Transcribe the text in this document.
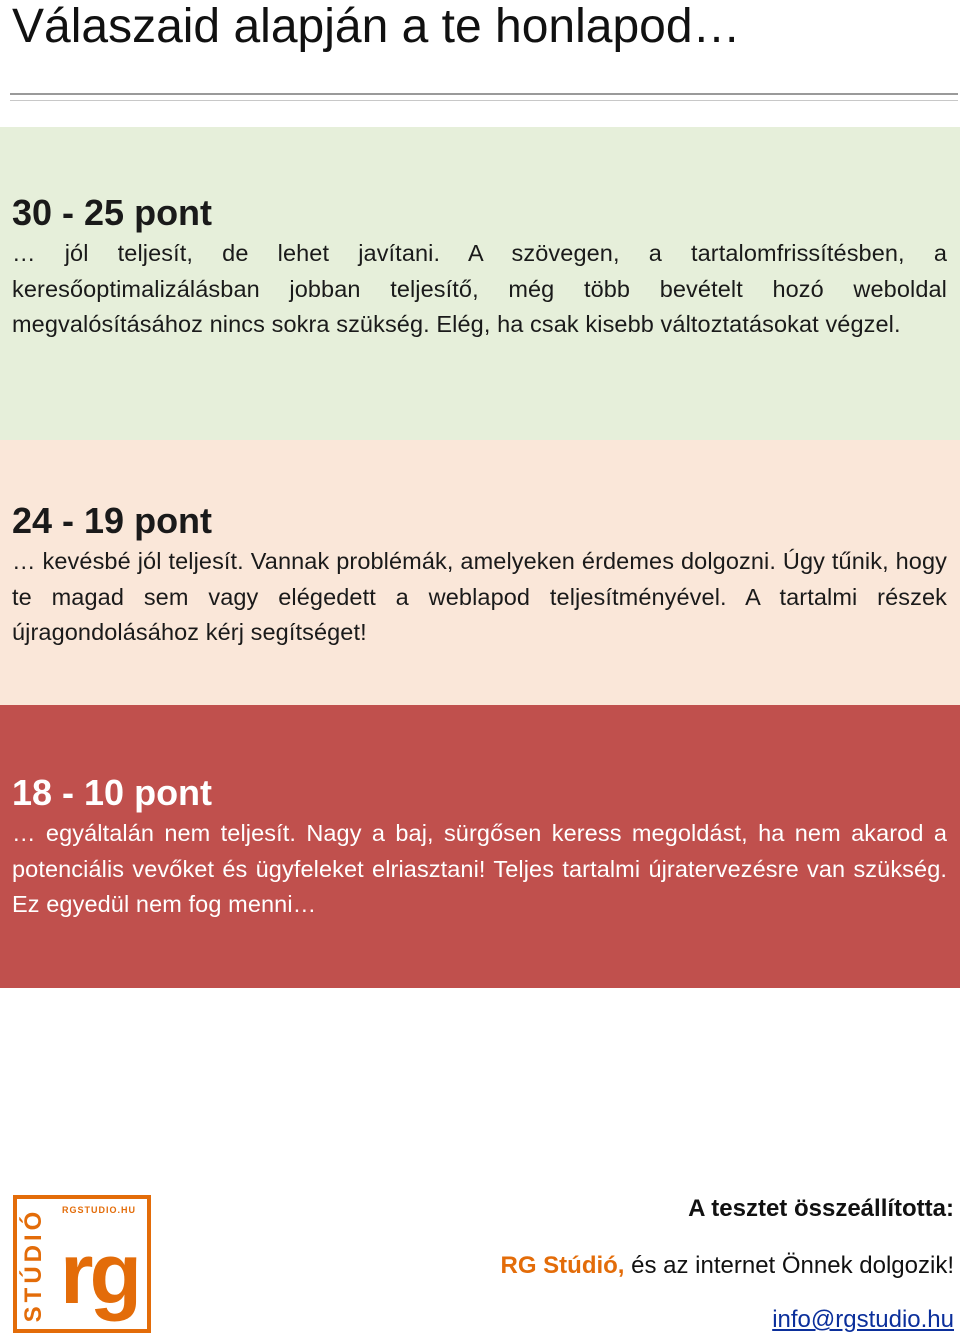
Válaszaid alapján a te honlapod…
30 - 25 pont

… jól teljesít, de lehet javítani. A szövegen, a tartalomfrissítésben, a keresőoptimalizálásban jobban teljesítő, még több bevételt hozó weboldal megvalósításához nincs sokra szükség. Elég, ha csak kisebb változtatásokat végzel.

24 - 19 pont

… kevésbé jól teljesít. Vannak problémák, amelyeken érdemes dolgozni. Úgy tűnik, hogy te magad sem vagy elégedett a weblapod teljesítményével. A tartalmi részek újragondolásához kérj segítséget!

18 - 10 pont

… egyáltalán nem teljesít. Nagy a baj, sürgősen keress megoldást, ha nem akarod a potenciális vevőket és ügyfeleket elriasztani! Teljes tartalmi újratervezésre van szükség. Ez egyedül nem fog menni…

RGSTUDIO.HU
STÚDIÓ rg
A tesztet összeállította:
RG Stúdió, és az internet Önnek dolgozik!
info@rgstudio.hu
